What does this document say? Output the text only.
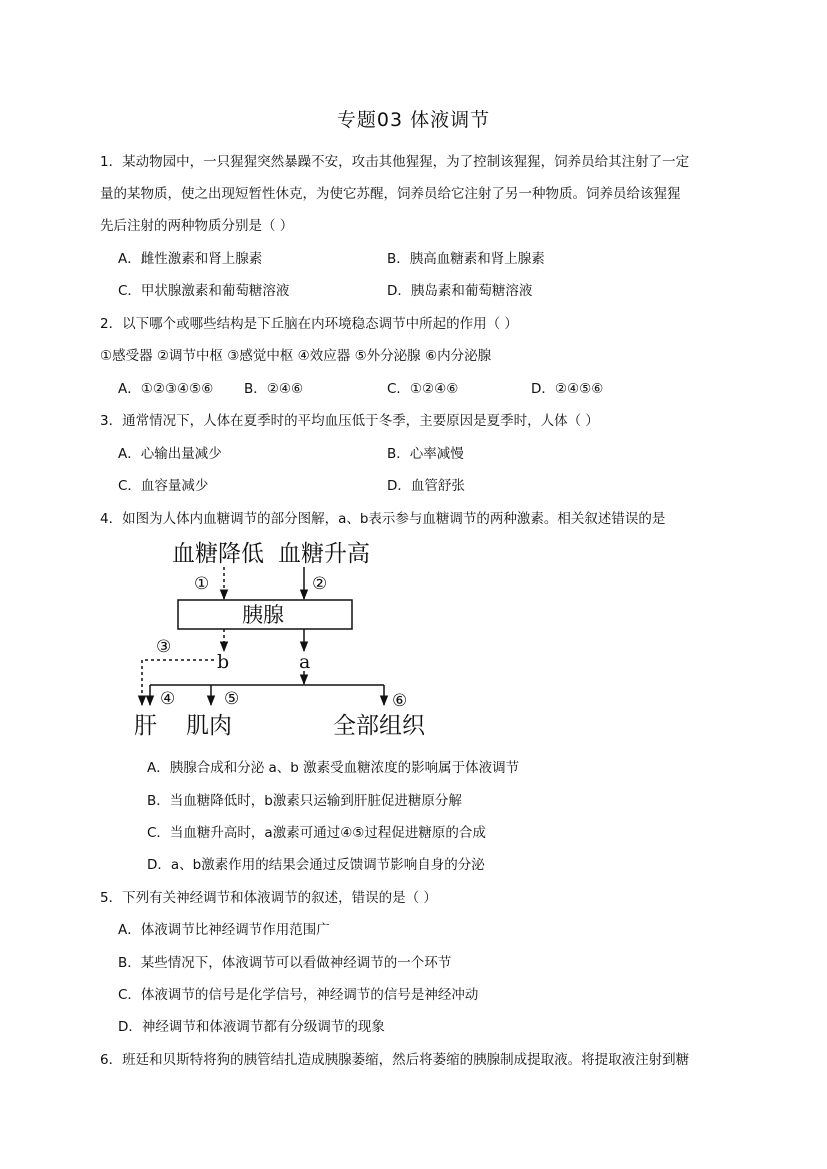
专题03 体液调节
1．某动物园中，一只猩猩突然暴躁不安，攻击其他猩猩，为了控制该猩猩，饲养员给其注射了一定
量的某物质，使之出现短暂性休克，为使它苏醒，饲养员给它注射了另一种物质。饲养员给该猩猩
先后注射的两种物质分别是（ ）
A．雌性激素和肾上腺素	B．胰高血糖素和肾上腺素
C．甲状腺激素和葡萄糖溶液	D．胰岛素和葡萄糖溶液
2．以下哪个或哪些结构是下丘脑在内环境稳态调节中所起的作用（ ）
①感受器 ②调节中枢 ③感觉中枢 ④效应器 ⑤外分泌腺 ⑥内分泌腺
A．①②③④⑤⑥ B．②④⑥	C．①②④⑥	D．②④⑤⑥
3．通常情况下，人体在夏季时的平均血压低于冬季，主要原因是夏季时，人体（ ）
A．心输出量减少	B．心率减慢
C．血容量减少	D．血管舒张
4．如图为人体内血糖调节的部分图解，a、b表示参与血糖调节的两种激素。相关叙述错误的是
血糖降低 血糖升高
①	②
胰腺
b	a
③
④	⑤	⑥
肝 肌肉	全部组织
A．胰腺合成和分泌 a、b 激素受血糖浓度的影响属于体液调节
B．当血糖降低时，b激素只运输到肝脏促进糖原分解
C．当血糖升高时，a激素可通过④⑤过程促进糖原的合成
D．a、b激素作用的结果会通过反馈调节影响自身的分泌
5．下列有关神经调节和体液调节的叙述，错误的是（ ）
A．体液调节比神经调节作用范围广
B．某些情况下，体液调节可以看做神经调节的一个环节
C．体液调节的信号是化学信号，神经调节的信号是神经冲动
D．神经调节和体液调节都有分级调节的现象
6．班廷和贝斯特将狗的胰管结扎造成胰腺萎缩，然后将萎缩的胰腺制成提取液。将提取液注射到糖
